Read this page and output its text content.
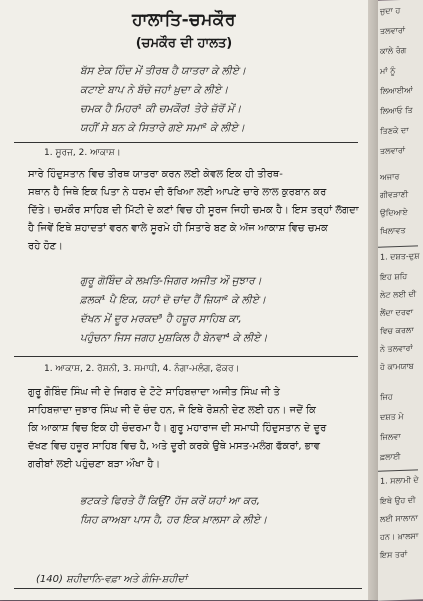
ਹਾਲਾਤਿ-ਚਮਕੌਰ
(ਚਮਕੌਰ ਦੀ ਹਾਲਤ)
ਬੱਸ ਏਕ ਹਿੰਦ ਮੇਂ ਤੀਰਥ ਹੈ ਯਾਤਰਾ ਕੇ ਲੀਏ।
ਕਟਾਏ ਬਾਪ ਨੇ ਬੱਚੇ ਜਹਾਂ ਖ਼ੁਦਾ ਕੇ ਲੀਏ।
ਚਮਕ ਹੈ ਮਿਹਰ¹ ਕੀ ਚਮਕੌਰ! ਤੇਰੇ ਜ਼ੱਰੋਂ ਮੇਂ।
ਯਹੀਂ ਸੇ ਬਨ ਕੇ ਸਿਤਾਰੇ ਗਏ ਸਮਾ² ਕੇ ਲੀਏ।
1. ਸੂਰਜ, 2. ਆਕਾਸ਼।
ਸਾਰੇ ਹਿੰਦੁਸਤਾਨ ਵਿਚ ਤੀਰਥ ਯਾਤਰਾ ਕਰਨ ਲਈ ਕੇਵਲ ਇਕ ਹੀ ਤੀਰਥ-
ਸਥਾਨ ਹੈ ਜਿਥੇ ਇਕ ਪਿਤਾ ਨੇ ਧਰਮ ਦੀ ਰੱਖਿਆ ਲਈ ਆਪਣੇ ਚਾਰੇ ਲਾਲ ਕੁਰਬਾਨ ਕਰ
ਦਿੱਤੇ। ਚਮਕੌਰ ਸਾਹਿਬ ਦੀ ਮਿੱਟੀ ਦੇ ਕਣਾਂ ਵਿਚ ਹੀ ਸੂਰਜ ਜਿਹੀ ਚਮਕ ਹੈ। ਇਸ ਤਰ੍ਹਾਂ ਲੱਗਦਾ
ਹੈ ਜਿਵੇਂ ਇਥੇ ਸ਼ਹਾਦਤਾਂ ਵਰਨ ਵਾਲੇ ਸੂਰਮੇ ਹੀ ਸਿਤਾਰੇ ਬਣ ਕੇ ਅੱਜ ਆਕਾਸ਼ ਵਿਚ ਚਮਕ
ਰਹੇ ਹੋਣ।
ਗੁਰੂ ਗੋਬਿੰਦ ਕੇ ਲਖ਼ਤਿ-ਜਿਗਰ ਅਜੀਤ ਔ ਜੁਝਾਰ।
ਫ਼ਲਕ¹ ਪੈ ਇਕ, ਯਹਾਂ ਦੋ ਚਾਂਦ ਹੈਂ ਜ਼ਿਯਾ² ਕੇ ਲੀਏ।
ਦੱਖਨ ਮੇਂ ਦੂਰ ਮਰਕਦ³ ਹੈ ਹਜ਼ੂਰ ਸਾਹਿਬ ਕਾ,
ਪਹੁੰਚਨਾ ਜਿਸ ਜਗਹ ਮੁਸ਼ਕਿਲ ਹੈ ਬੇਨਵਾ⁴ ਕੇ ਲੀਏ।
1. ਆਕਾਸ਼, 2. ਰੋਸ਼ਨੀ, 3. ਸਮਾਧੀ, 4. ਨੰਗਾ-ਮਲੰਗ, ਫੱਕਰ।
ਗੁਰੂ ਗੋਬਿੰਦ ਸਿੰਘ ਜੀ ਦੇ ਜਿਗਰ ਦੇ ਟੋਟੇ ਸਾਹਿਬਜ਼ਾਦਾ ਅਜੀਤ ਸਿੰਘ ਜੀ ਤੇ
ਸਾਹਿਬਜ਼ਾਦਾ ਜੁਝਾਰ ਸਿੰਘ ਜੀ ਦੋ ਚੰਦ ਹਨ, ਜੋ ਇਥੇ ਰੋਸ਼ਨੀ ਦੇਣ ਲਈ ਹਨ। ਜਦੋਂ ਕਿ
ਕਿ ਆਕਾਸ਼ ਵਿਚ ਇਕ ਹੀ ਚੰਦਰਮਾ ਹੈ। ਗੁਰੂ ਮਹਾਰਾਜ ਦੀ ਸਮਾਧੀ ਹਿੰਦੁਸਤਾਨ ਦੇ ਦੂਰ
ਦੱਖਣ ਵਿਚ ਹਜ਼ੂਰ ਸਾਹਿਬ ਵਿਚ ਹੈ, ਅਤੇ ਦੂਰੀ ਕਰਕੇ ਉਥੇ ਮਸਤ-ਮਲੰਗ ਫੱਕਰਾਂ, ਭਾਵ
ਗਰੀਬਾਂ ਲਈ ਪਹੁੰਚਣਾ ਬੜਾ ਔਖਾ ਹੈ।
ਭਟਕਤੇ ਫਿਰਤੇ ਹੈਂ ਕਿਉਂ? ਹੱਜ ਕਰੇਂ ਯਹਾਂ ਆ ਕਰ,
ਯਿਹ ਕਾਅਬਾ ਪਾਸ ਹੈ, ਹਰ ਇਕ ਖ਼ਾਲਸਾ ਕੇ ਲੀਏ।
(140) ਸ਼ਹੀਦਾਨਿ-ਵਫ਼ਾ ਅਤੇ ਗੰਜਿ-ਸ਼ਹੀਦਾਂ
ਜੁਦਾ ਹ
ਤਲਵਾਰਾਂ
ਕਾਲੇ ਰੰਗ
ਮਾਂ ਨੂੰ
ਲਿਆਈਆਂ
ਲਿਆਓ ਤਿ
ਤਿਣਕੇ ਦਾ
ਤਲਵਾਰਾਂ
ਅਜਾਰ
ਗੀਵੜਾਣੀ
ਉਦਿਆਏ
ਖਿਲਾਵਤ
1. ਦਸ਼ਤ-ਦੁਸ਼
ਇਹ ਸ਼ਹਿ
ਲੇਟ ਲਈ ਦੀ
ਲੈਂਦਾ ਦਰਵਾ
ਵਿਚ ਕਰਲਾ
ਨੇ ਤਲਵਾਰਾਂ
ਹੋ ਕਾਮਯਾਬ
ਜਿਹ
ਦਸ਼ਤ ਮੇ
ਜਿਲਵਾ
ਫ਼ਲਾਈ
1. ਸਲਾਮੀ ਦੇ
ਇਥੇ ਉਹ ਦੀ
ਲਈ ਸਾਲਾਨਾ
ਹਨ। ਖ਼ਾਲਸਾ
ਇਸ ਤਰਾਂ
